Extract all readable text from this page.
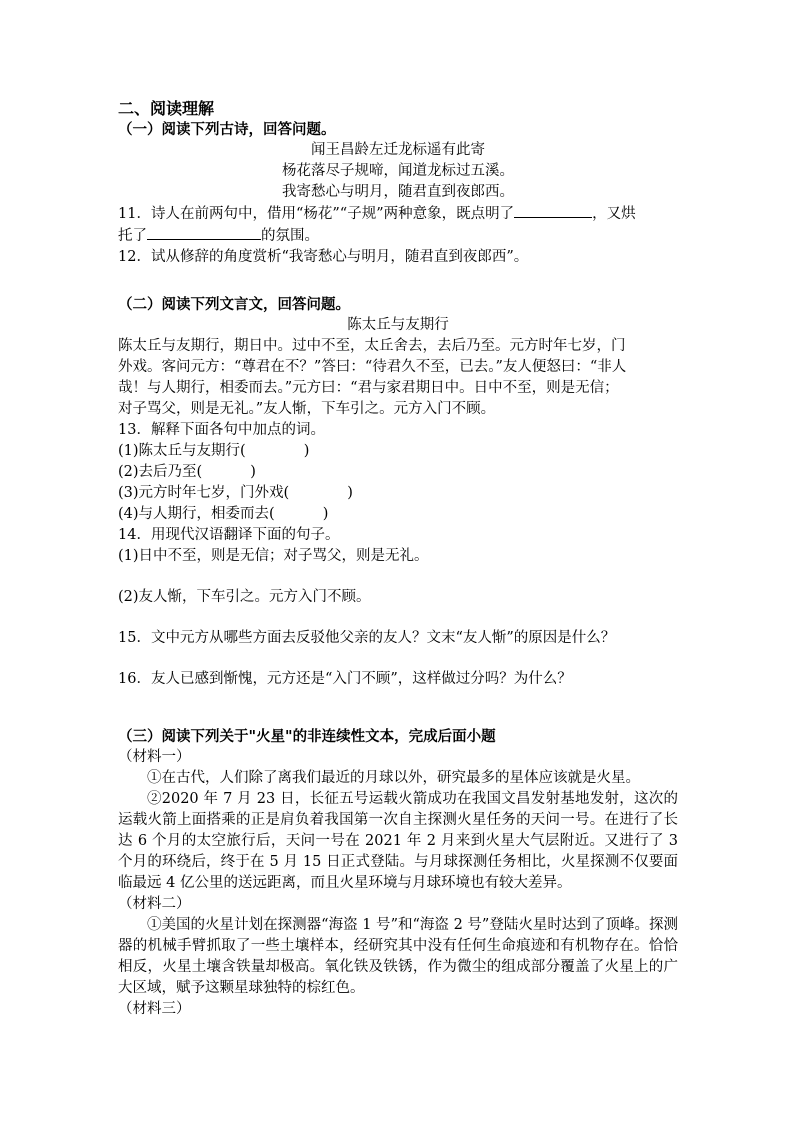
二、阅读理解
（一）阅读下列古诗，回答问题。
闻王昌龄左迁龙标遥有此寄
杨花落尽子规啼，闻道龙标过五溪。
我寄愁心与明月，随君直到夜郎西。
11．诗人在前两句中，借用“杨花”“子规”两种意象，既点明了	，又烘
托了	的氛围。
12．试从修辞的角度赏析“我寄愁心与明月，随君直到夜郎西”。
（二）阅读下列文言文，回答问题。
陈太丘与友期行
陈太丘与友期行，期日中。过中不至，太丘舍去，去后乃至。元方时年七岁，门
外戏。客问元方：“尊君在不？”答曰：“待君久不至，已去。”友人便怒曰：“非人
哉！与人期行，相委而去。”元方曰：“君与家君期日中。日中不至，则是无信；
对子骂父，则是无礼。”友人惭，下车引之。元方入门不顾。
13．解释下面各句中加点的词。
(1)陈太丘与友期行(	)
(2)去后乃至(	)
(3)元方时年七岁，门外戏(	)
(4)与人期行，相委而去(	)
14．用现代汉语翻译下面的句子。
(1)日中不至，则是无信；对子骂父，则是无礼。
(2)友人惭，下车引之。元方入门不顾。
15．文中元方从哪些方面去反驳他父亲的友人？文末“友人惭”的原因是什么？
16．友人已感到惭愧，元方还是“入门不顾”，这样做过分吗？为什么？
（三）阅读下列关于"火星"的非连续性文本，完成后面小题
（材料一）
①在古代，人们除了离我们最近的月球以外，研究最多的星体应该就是火星。
②2020 年 7 月 23 日，长征五号运载火箭成功在我国文昌发射基地发射，这次的运载火箭上面搭乘的正是肩负着我国第一次自主探测火星任务的天问一号。在进行了长达 6 个月的太空旅行后，天问一号在 2021 年 2 月来到火星大气层附近。又进行了 3 个月的环绕后，终于在 5 月 15 日正式登陆。与月球探测任务相比，火星探测不仅要面临最远 4 亿公里的送远距离，而且火星环境与月球环境也有较大差异。
（材料二）
①美国的火星计划在探测器“海盗 1 号”和“海盗 2 号”登陆火星时达到了顶峰。探测器的机械手臂抓取了一些土壤样本，经研究其中没有任何生命痕迹和有机物存在。恰恰相反，火星土壤含铁量却极高。氧化铁及铁锈，作为微尘的组成部分覆盖了火星上的广大区域，赋予这颗星球独特的棕红色。
（材料三）
